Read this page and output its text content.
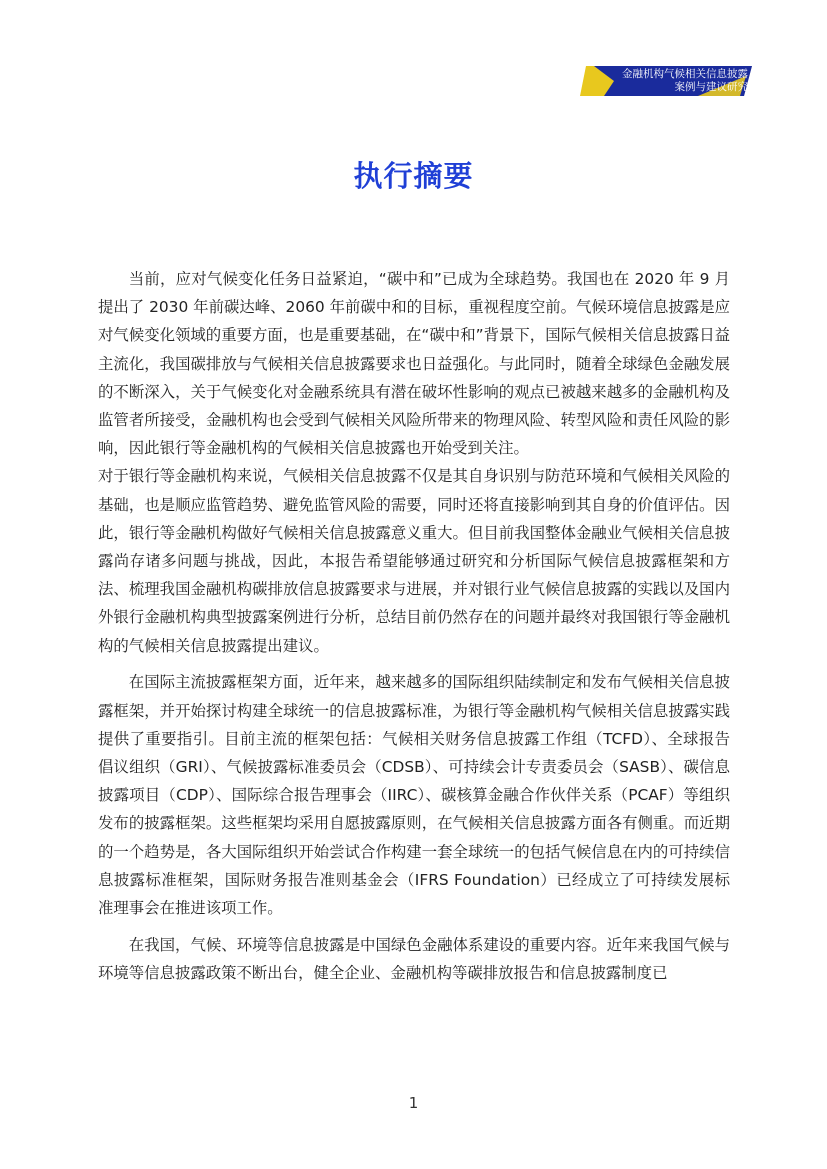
金融机构气候相关信息披露
案例与建议研究
执行摘要

当前，应对气候变化任务日益紧迫，“碳中和”已成为全球趋势。我国也在 2020 年 9 月提出了 2030 年前碳达峰、2060 年前碳中和的目标，重视程度空前。气候环境信息披露是应对气候变化领域的重要方面，也是重要基础，在“碳中和”背景下，国际气候相关信息披露日益主流化，我国碳排放与气候相关信息披露要求也日益强化。与此同时，随着全球绿色金融发展的不断深入，关于气候变化对金融系统具有潜在破坏性影响的观点已被越来越多的金融机构及监管者所接受，金融机构也会受到气候相关风险所带来的物理风险、转型风险和责任风险的影响，因此银行等金融机构的气候相关信息披露也开始受到关注。

对于银行等金融机构来说，气候相关信息披露不仅是其自身识别与防范环境和气候相关风险的基础，也是顺应监管趋势、避免监管风险的需要，同时还将直接影响到其自身的价值评估。因此，银行等金融机构做好气候相关信息披露意义重大。但目前我国整体金融业气候相关信息披露尚存诸多问题与挑战，因此，本报告希望能够通过研究和分析国际气候信息披露框架和方法、梳理我国金融机构碳排放信息披露要求与进展，并对银行业气候信息披露的实践以及国内外银行金融机构典型披露案例进行分析，总结目前仍然存在的问题并最终对我国银行等金融机构的气候相关信息披露提出建议。

在国际主流披露框架方面，近年来，越来越多的国际组织陆续制定和发布气候相关信息披露框架，并开始探讨构建全球统一的信息披露标准，为银行等金融机构气候相关信息披露实践提供了重要指引。目前主流的框架包括：气候相关财务信息披露工作组（TCFD）、全球报告倡议组织（GRI）、气候披露标准委员会（CDSB）、可持续会计专责委员会（SASB）、碳信息披露项目（CDP）、国际综合报告理事会（IIRC）、碳核算金融合作伙伴关系（PCAF）等组织发布的披露框架。这些框架均采用自愿披露原则，在气候相关信息披露方面各有侧重。而近期的一个趋势是，各大国际组织开始尝试合作构建一套全球统一的包括气候信息在内的可持续信息披露标准框架，国际财务报告准则基金会（IFRS Foundation）已经成立了可持续发展标准理事会在推进该项工作。

在我国，气候、环境等信息披露是中国绿色金融体系建设的重要内容。近年来我国气候与环境等信息披露政策不断出台，健全企业、金融机构等碳排放报告和信息披露制度已

1
